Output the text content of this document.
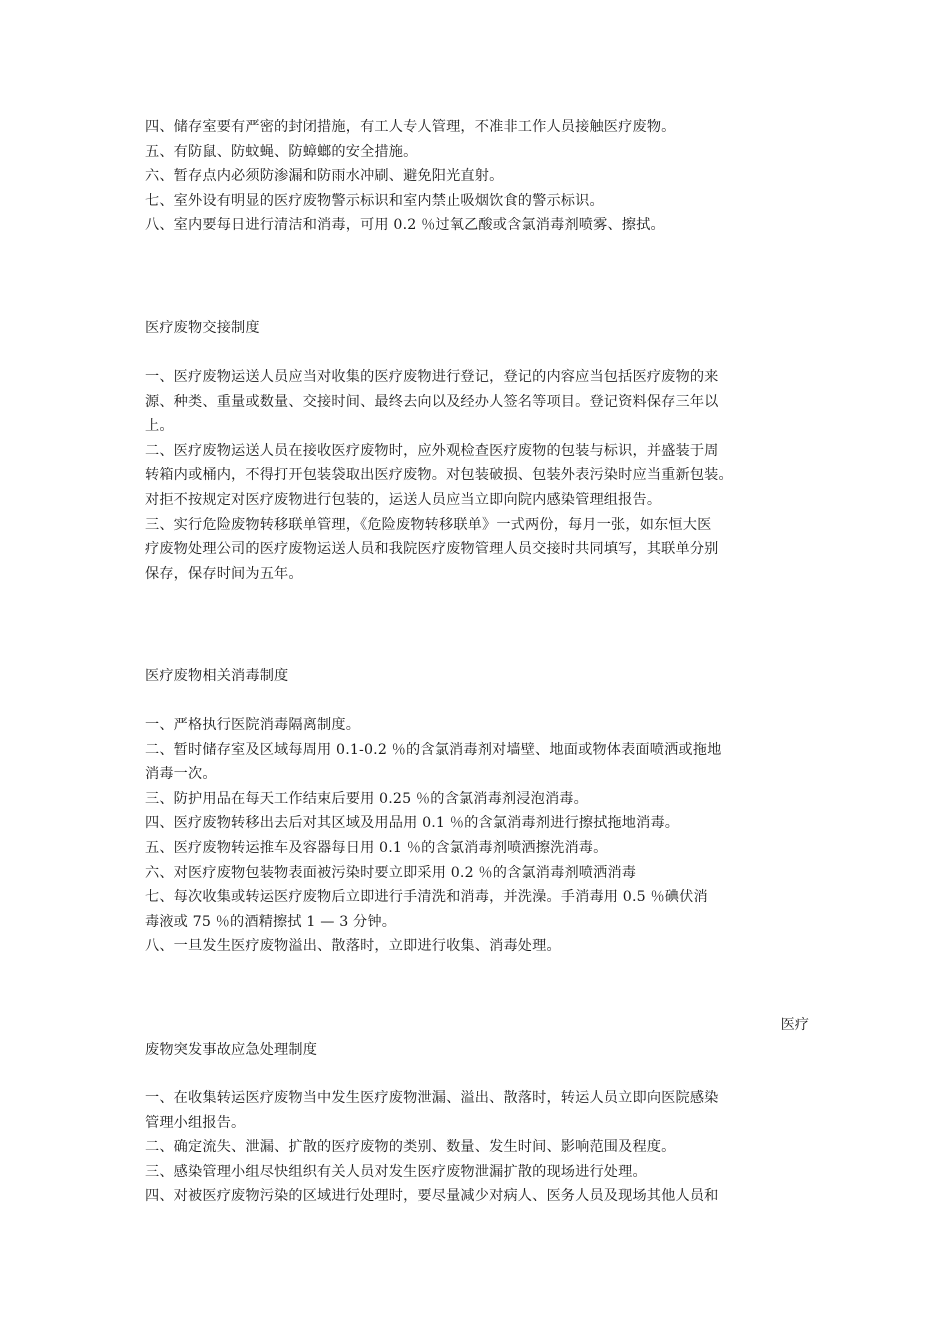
四、储存室要有严密的封闭措施，有工人专人管理，不准非工作人员接触医疗废物。
五、有防鼠、防蚊蝇、防蟑螂的安全措施。
六、暂存点内必须防渗漏和防雨水冲刷、避免阳光直射。
七、室外设有明显的医疗废物警示标识和室内禁止吸烟饮食的警示标识。
八、室内要每日进行清洁和消毒，可用 0.2 ％过氧乙酸或含氯消毒剂喷雾、擦拭。
医疗废物交接制度
一、医疗废物运送人员应当对收集的医疗废物进行登记，登记的内容应当包括医疗废物的来
源、种类、重量或数量、交接时间、最终去向以及经办人签名等项目。登记资料保存三年以
上。
二、医疗废物运送人员在接收医疗废物时，应外观检查医疗废物的包装与标识，并盛装于周
转箱内或桶内，不得打开包装袋取出医疗废物。对包装破损、包装外表污染时应当重新包装。
对拒不按规定对医疗废物进行包装的，运送人员应当立即向院内感染管理组报告。
三、实行危险废物转移联单管理，《危险废物转移联单》一式两份，每月一张，如东恒大医
疗废物处理公司的医疗废物运送人员和我院医疗废物管理人员交接时共同填写，其联单分别
保存，保存时间为五年。
医疗废物相关消毒制度
一、严格执行医院消毒隔离制度。
二、暂时储存室及区域每周用 0.1-0.2 ％的含氯消毒剂对墙壁、地面或物体表面喷洒或拖地
消毒一次。
三、防护用品在每天工作结束后要用 0.25 ％的含氯消毒剂浸泡消毒。
四、医疗废物转移出去后对其区域及用品用 0.1 ％的含氯消毒剂进行擦拭拖地消毒。
五、医疗废物转运推车及容器每日用 0.1 ％的含氯消毒剂喷洒擦洗消毒。
六、对医疗废物包装物表面被污染时要立即采用 0.2 ％的含氯消毒剂喷洒消毒
七、每次收集或转运医疗废物后立即进行手清洗和消毒，并洗澡。手消毒用 0.5 ％碘伏消
毒液或 75 ％的酒精擦拭 1 — 3 分钟。
八、一旦发生医疗废物溢出、散落时，立即进行收集、消毒处理。
医疗
废物突发事故应急处理制度
一、在收集转运医疗废物当中发生医疗废物泄漏、溢出、散落时，转运人员立即向医院感染
管理小组报告。
二、确定流失、泄漏、扩散的医疗废物的类别、数量、发生时间、影响范围及程度。
三、感染管理小组尽快组织有关人员对发生医疗废物泄漏扩散的现场进行处理。
四、对被医疗废物污染的区域进行处理时，要尽量减少对病人、医务人员及现场其他人员和
